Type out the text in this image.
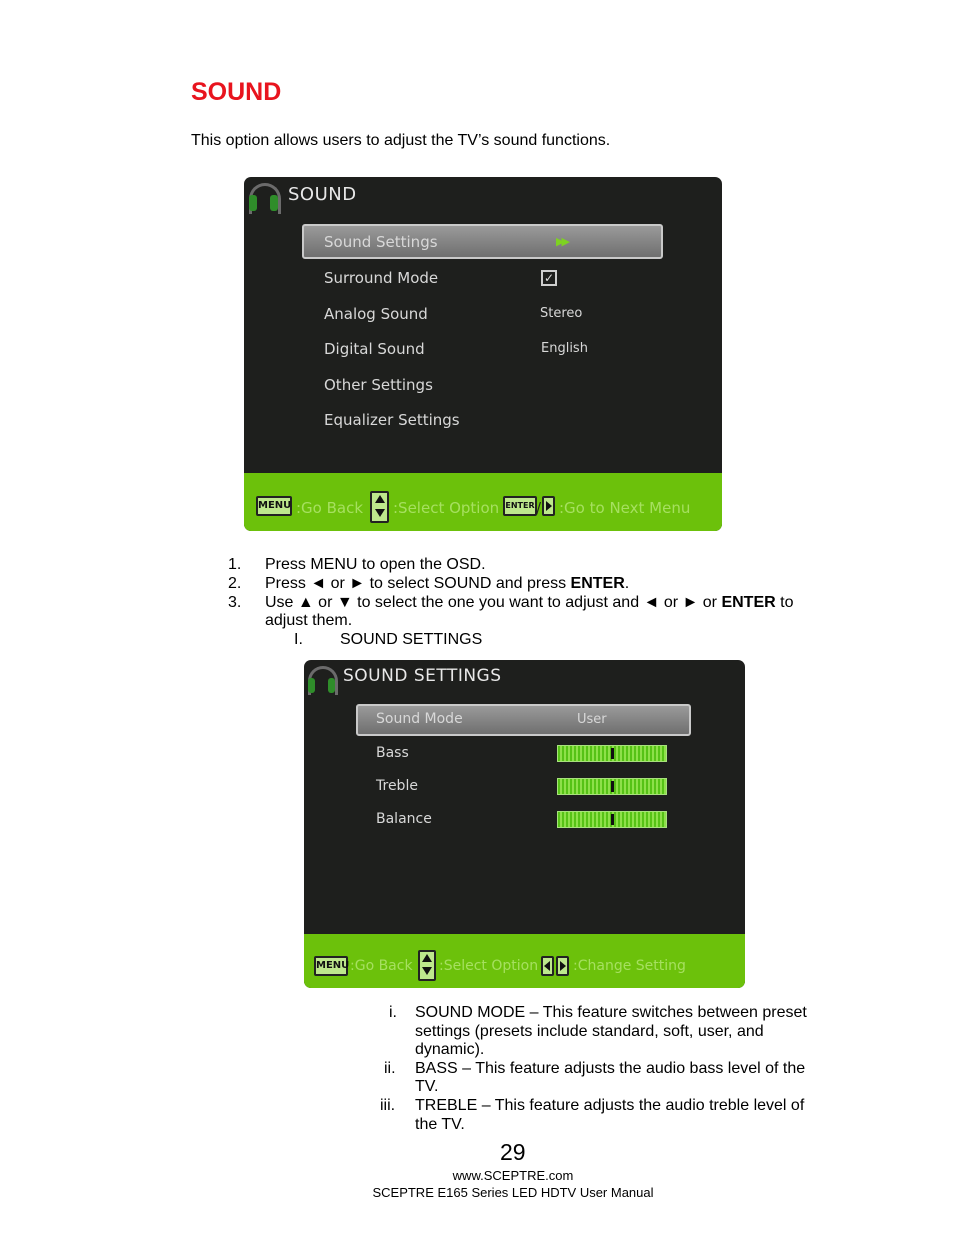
SOUND
This option allows users to adjust the TV’s sound functions.
SOUND
Sound Settings	▶▶
Surround Mode	✓
Analog Sound	Stereo
Digital Sound	English
Other Settings
Equalizer Settings
MENU :Go Back :Select Option ENTER / :Go to Next Menu
1. Press MENU to open the OSD.
2. Press ◄ or ► to select SOUND and press ENTER.
3. Use ▲ or ▼ to select the one you want to adjust and ◄ or ► or ENTER to
adjust them.
I. SOUND SETTINGS
SOUND SETTINGS
Sound Mode	User
Bass
Treble
Balance
MENU :Go Back :Select Option :Change Setting
i. SOUND MODE – This feature switches between preset
settings (presets include standard, soft, user, and
dynamic).
ii. BASS – This feature adjusts the audio bass level of the
TV.
iii. TREBLE – This feature adjusts the audio treble level of
the TV.
29
www.SCEPTRE.com
SCEPTRE E165 Series LED HDTV User Manual
